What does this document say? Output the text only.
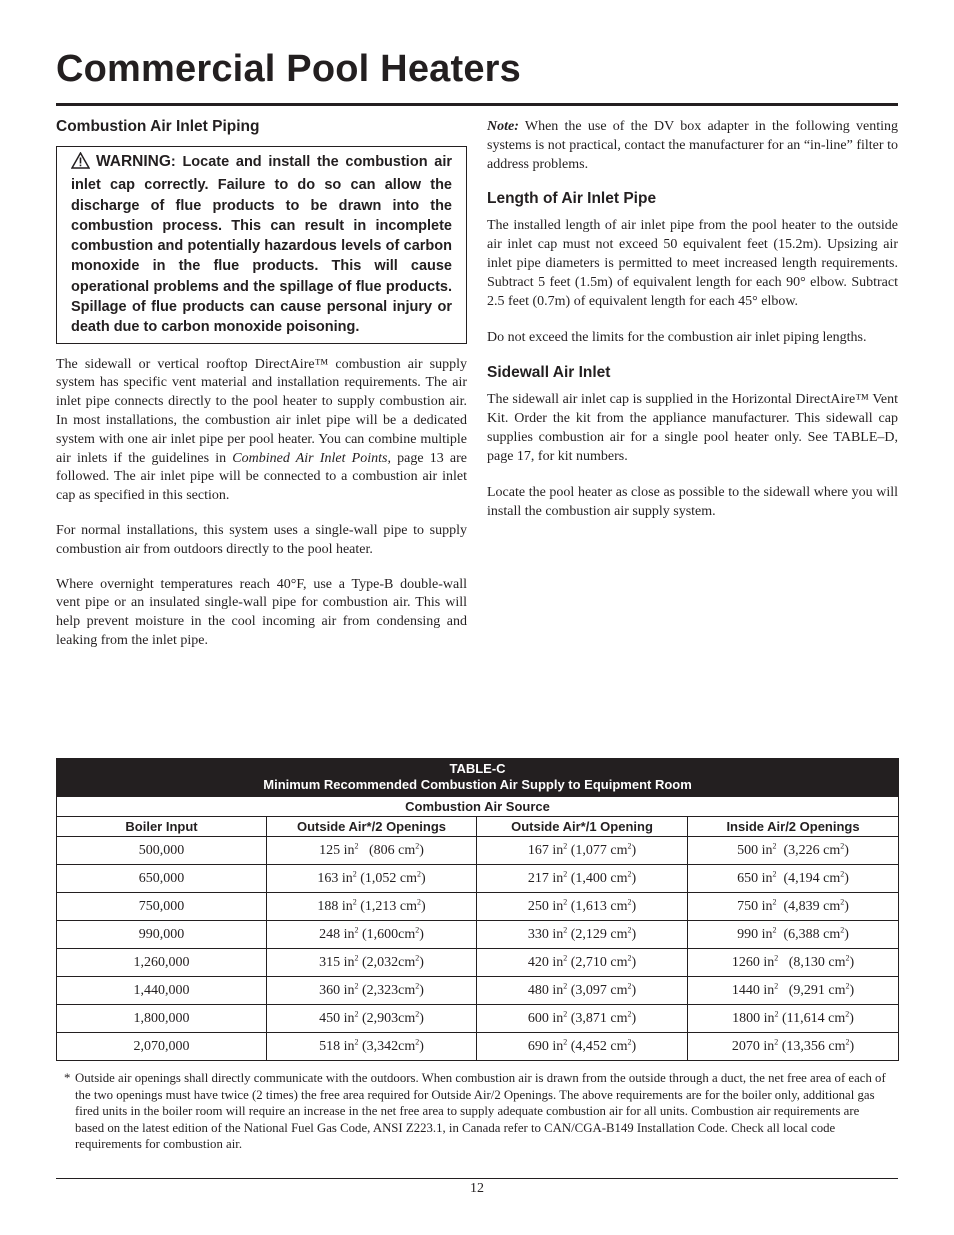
Commercial Pool Heaters
Combustion Air Inlet Piping

WARNING: Locate and install the combustion air inlet cap correctly. Failure to do so can allow the discharge of flue products to be drawn into the combustion process. This can result in incomplete combustion and potentially hazardous levels of carbon monoxide in the flue products. This will cause operational problems and the spillage of flue products. Spillage of flue products can cause personal injury or death due to carbon monoxide poisoning.

The sidewall or vertical rooftop DirectAire™ combustion air supply system has specific vent material and installation requirements. The air inlet pipe connects directly to the pool heater to supply combustion air. In most installations, the combustion air inlet pipe will be a dedicated system with one air inlet pipe per pool heater. You can combine multiple air inlets if the guidelines in Combined Air Inlet Points, page 13 are followed. The air inlet pipe will be connected to a combustion air inlet cap as specified in this section.

For normal installations, this system uses a single-wall pipe to supply combustion air from outdoors directly to the pool heater.

Where overnight temperatures reach 40°F, use a Type-B double-wall vent pipe or an insulated single-wall pipe for combustion air. This will help prevent moisture in the cool incoming air from condensing and leaking from the inlet pipe.

Note: When the use of the DV box adapter in the following venting systems is not practical, contact the manufacturer for an “in-line” filter to address problems.

Length of Air Inlet Pipe

The installed length of air inlet pipe from the pool heater to the outside air inlet cap must not exceed 50 equivalent feet (15.2m). Upsizing air inlet pipe diameters is permitted to meet increased length requirements. Subtract 5 feet (1.5m) of equivalent length for each 90° elbow. Subtract 2.5 feet (0.7m) of equivalent length for each 45° elbow.

Do not exceed the limits for the combustion air inlet piping lengths.

Sidewall Air Inlet

The sidewall air inlet cap is supplied in the Horizontal DirectAire™ Vent Kit. Order the kit from the appliance manufacturer. This sidewall cap supplies combustion air for a single pool heater only. See TABLE–D, page 17, for kit numbers.

Locate the pool heater as close as possible to the sidewall where you will install the combustion air supply system.

TABLE-C
Minimum Recommended Combustion Air Supply to Equipment Room			

Combustion Air Source			
Boiler Input	Outside Air*/2 Openings	Outside Air*/1 Opening	Inside Air/2 Openings
500,000	125 $in^2$   (806 $cm^2$)	167 $in^2$ (1,077 $cm^2$)	500 $in^2$  (3,226 $cm^2$)
650,000	163 $in^2$ (1,052 $cm^2$)	217 $in^2$ (1,400 $cm^2$)	650 $in^2$  (4,194 $cm^2$)
750,000	188 $in^2$ (1,213 $cm^2$)	250 $in^2$ (1,613 $cm^2$)	750 $in^2$  (4,839 $cm^2$)
990,000	248 $in^2$ $(1,600cm^2)$	330 $in^2$ (2,129 $cm^2$)	990 $in^2$  (6,388 $cm^2$)
1,260,000	315 $in^2$ $(2,032cm^2)$	420 $in^2$ (2,710 $cm^2$)	1260 $in^2$   (8,130 $cm^2$)
1,440,000	360 $in^2$ $(2,323cm^2)$	480 $in^2$ (3,097 $cm^2$)	1440 $in^2$   (9,291 $cm^2$)
1,800,000	450 $in^2$ $(2,903cm^2)$	600 $in^2$ (3,871 $cm^2$)	1800 $in^2$ (11,614 $cm^2$)
2,070,000	518 $in^2$ $(3,342cm^2)$	690 $in^2$ (4,452 $cm^2$)	2070 $in^2$ (13,356 $cm^2$)
* Outside air openings shall directly communicate with the outdoors. When combustion air is drawn from the outside through a duct, the net free area of each of the two openings must have twice (2 times) the free area required for Outside Air/2 Openings. The above requirements are for the boiler only, additional gas fired units in the boiler room will require an increase in the net free area to supply adequate combustion air for all units. Combustion air requirements are based on the latest edition of the National Fuel Gas Code, ANSI Z223.1, in Canada refer to CAN/CGA-B149 Installation Code. Check all local code requirements for combustion air.
12
